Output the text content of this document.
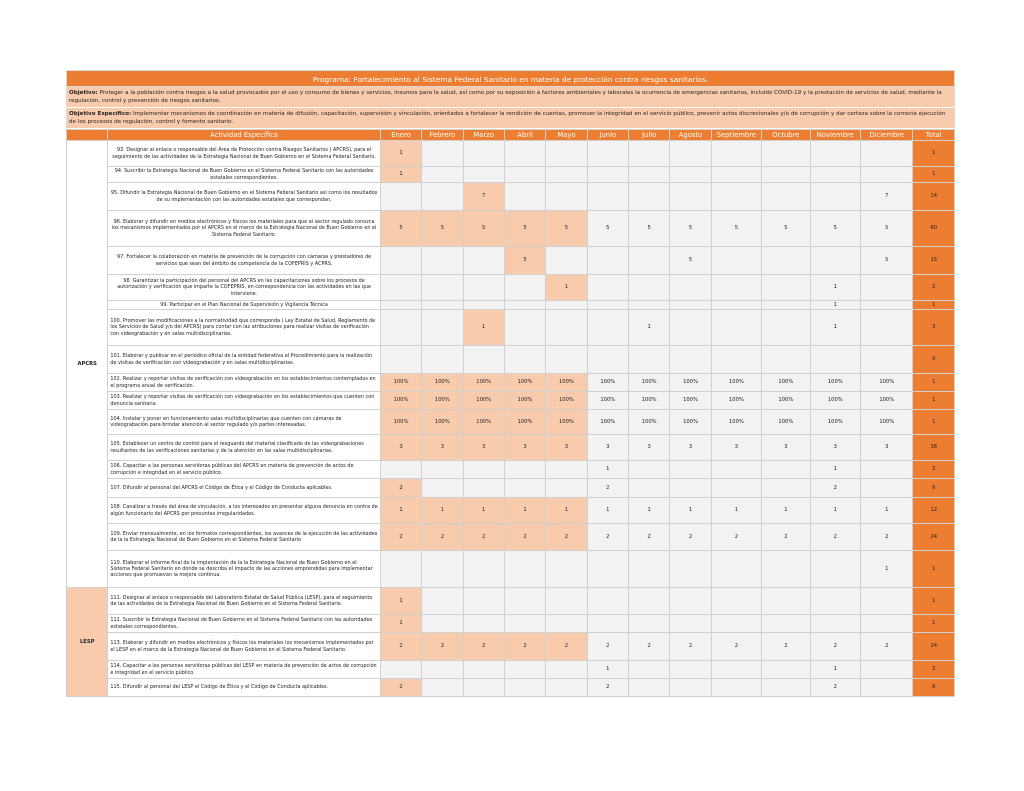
Programa: Fortalecimiento al Sistema Federal Sanitario en materia de protección contra riesgos sanitarios.
Objetivo: Proteger a la población contra riesgos a la salud provocados por el uso y consumo de bienes y servicios, insumos para la salud, así como por su exposición a factores ambientales y laborales la ocurrencia de emergencias sanitarias, incluido COVID-19 y la prestación de servicios de salud, mediante la regulación, control y prevención de riesgos sanitarios.
Objetivo Específico: Implementar mecanismos de coordinación en materia de difusión, capacitación, supervisión y vinculación, orientados a fortalecer la rendición de cuentas, promover la integridad en el servicio público, prevenir actos discrecionales y/o de corrupción y dar certeza sobre la correcta ejecución de los procesos de regulación, control y fomento sanitario.
	Actividad Específica	Enero	Febrero	Marzo	Abril	Mayo	Junio	Julio	Agosto	Septiembre	Octubre	Noviembre	Diciembre	Total
APCRS	93. Designar al enlace o responsable del Área de Protección contra Riesgos Sanitarios ( APCRS), para el seguimiento de las actividades de la Estrategia Nacional de Buen Gobierno en el Sistema Federal Sanitario.	1												1
	94. Suscribir la Estrategia Nacional de Buen Gobierno en el Sistema Federal Sanitario con las autoridades estatales correspondientes.	1												1
	95. Difundir la Estrategia Nacional de Buen Gobierno en el Sistema Federal Sanitario así como los resultados de su implementación con las autoridades estatales que correspondan.			7									7	14
	96. Elaborar y difundir en medios electrónicos y físicos los materiales para que el sector regulado conozca los mecanismos implementados por el APCRS en el marco de la Estrategia Nacional de Buen Gobierno en el Sistema Federal Sanitario.	5	5	5	5	5	5	5	5	5	5	5	5	60
	97. Fortalecer la colaboración en materia de prevención de la corrupción con cámaras y prestadores de servicios que sean del ámbito de competencia de la COFEPRIS y ACPRS.				5				5				5	15
	98. Garantizar la participación del personal del APCRS en las capacitaciones sobre los procesos de autorización y verificación que imparte la COFEPRIS, en correspondencia con las actividades en las que interviene.					1						1		2
	99. Participar en el Plan Nacional de Supervisión y Vigilancia Técnica											1		1
	100. Promover las modificaciones a la normatividad que corresponda ( Ley Estatal de Salud, Reglamento de los Servicios de Salud y/o del APCRS) para contar con las atribuciones para realizar visitas de verificación con videograbación y en salas multidisciplinarias.			1				1				1		3
	101. Elaborar y publicar en el periódico oficial de la entidad federativa el Procedimiento para la realización de visitas de verificación con videograbación y en salas multidisciplinarias.													0
	102. Realizar y reportar visitas de verificación con videograbación en los establecimientos contemplados en el programa anual de verificación.	100%	100%	100%	100%	100%	100%	100%	100%	100%	100%	100%	100%	1
	103. Realizar y reportar visitas de verificación con videograbación en los establecimientos que cuenten con denuncia sanitaria.	100%	100%	100%	100%	100%	100%	100%	100%	100%	100%	100%	100%	1
	104. Instalar y poner en funcionamiento salas multidisciplinarias que cuenten con cámaras de videograbación para brindar atención al sector regulado y/o partes interesadas.	100%	100%	100%	100%	100%	100%	100%	100%	100%	100%	100%	100%	1
	105. Establecer un centro de control para el resguardo del material clasificado de las videograbaciones resultantes de las verificaciones sanitarias y de la atención en las salas multidisciplinarias.	3	3	3	3	3	3	3	3	3	3	3	3	36
	106. Capacitar a las personas servidoras públicas del APCRS en materia de prevención de actos de corrupción e integridad en el servicio público.						1					1		2
	107. Difundir al personal del APCRS el Código de Ética y el Código de Conducta aplicables.	2					2					2		6
	108. Canalizar a través del área de vinculación, a los interesados en presentar alguna denuncia en contra de algún funcionario del APCRS por presuntas irregularidades.	1	1	1	1	1	1	1	1	1	1	1	1	12
	109. Enviar mensualmente, en los formatos correspondientes, los avances de la ejecución de las actividades de la la Estrategia Nacional de Buen Gobierno en el Sistema Federal Sanitario	2	2	2	2	2	2	2	2	2	2	2	2	24
	110. Elaborar el informe final de la implentación de la la Estrategia Nacional de Buen Gobierno en el Sistema Federal Sanitario en donde se describa el impacto de las acciones emprendidas para implementar acciones que promuevan la mejora continua.												1	1
LESP	111. Designar al enlace o responsable del Laboratorio Estatal de Salud Pública (LESP), para el seguimiento de las actividades de la Estrategia Nacional de Buen Gobierno en el Sistema Federal Sanitario.	1												1
	112. Suscribir la Estrategia Nacional de Buen Gobierno en el Sistema Federal Sanitario con las autoridades estatales correspondientes.	1												1
	113. Elaborar y difundir en medios electrónicos y físicos los materiales los mecanismos implementados por el LESP en el marco de la Estrategia Nacional de Buen Gobierno en el Sistema Federal Sanitario.	2	2	2	2	2	2	2	2	2	2	2	2	24
	114. Capacitar a las personas servidoras públicas del LESP en materia de prevención de actos de corrupción e integridad en el servicio público.						1					1		2
	115. Difundir al personal del LESP el Código de Ética y el Código de Conducta aplicables.	2					2					2		6
